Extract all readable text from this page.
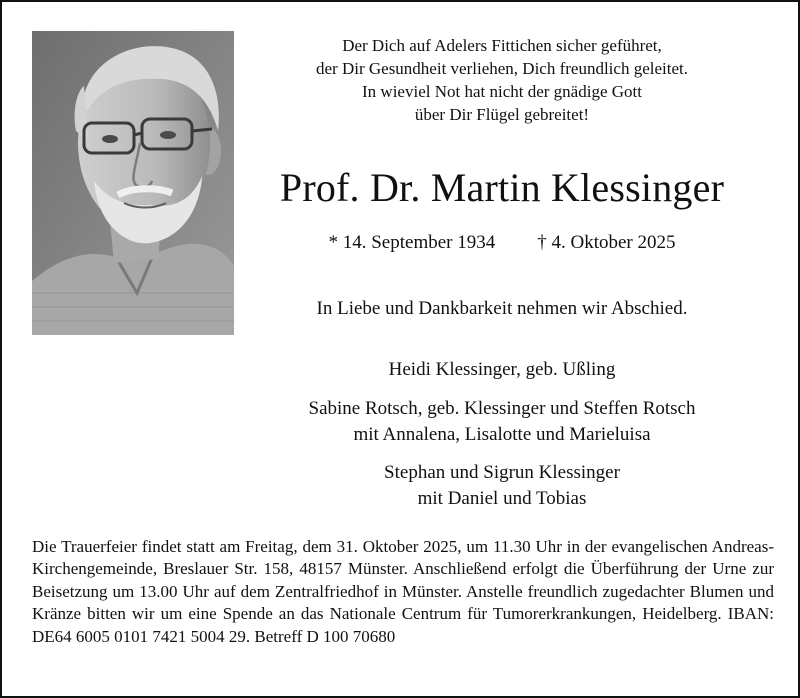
Der Dich auf Adelers Fittichen sicher geführet,
der Dir Gesundheit verliehen, Dich freundlich geleitet.
In wieviel Not hat nicht der gnädige Gott
über Dir Flügel gebreitet!
Prof. Dr. Martin Klessinger
* 14. September 1934 † 4. Oktober 2025
In Liebe und Dankbarkeit nehmen wir Abschied.
Heidi Klessinger, geb. Ußling
Sabine Rotsch, geb. Klessinger und Steffen Rotsch
mit Annalena, Lisalotte und Marieluisa
Stephan und Sigrun Klessinger
mit Daniel und Tobias
Die Trauerfeier findet statt am Freitag, dem 31. Oktober 2025, um 11.30 Uhr in der evangelischen Andreas-Kirchengemeinde, Breslauer Str. 158, 48157 Münster. Anschließend erfolgt die Überführung der Urne zur Beisetzung um 13.00 Uhr auf dem Zentralfriedhof in Münster. Anstelle freundlich zugedachter Blumen und Kränze bitten wir um eine Spende an das Nationale Centrum für Tumorerkrankungen, Heidelberg. IBAN: DE64 6005 0101 7421 5004 29. Betreff D 100 70680
